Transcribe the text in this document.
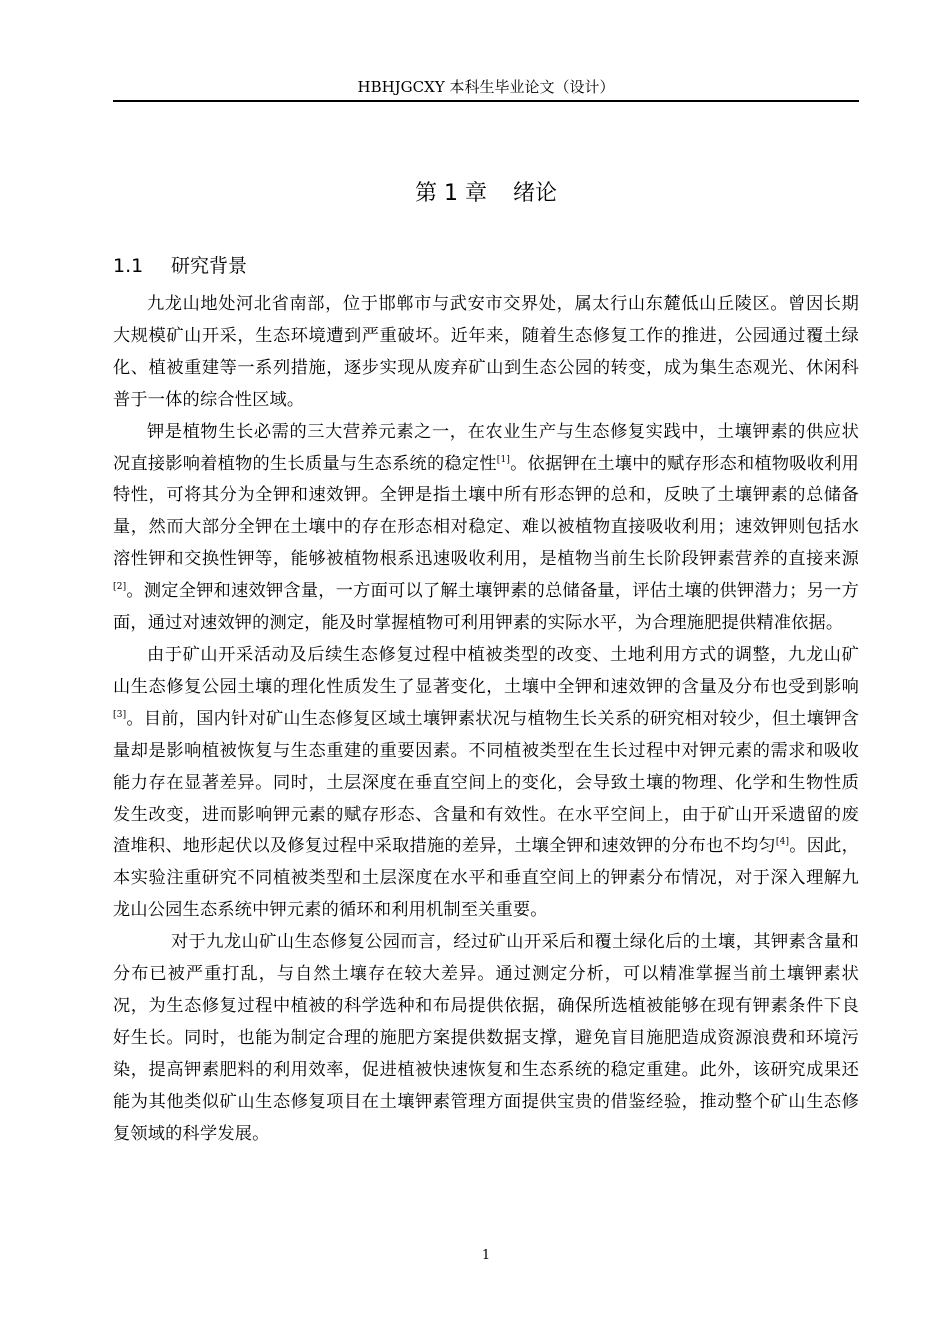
HBHJGCXY 本科生毕业论文（设计）
第 1 章 绪论
1.1 研究背景

九龙山地处河北省南部，位于邯郸市与武安市交界处，属太行山东麓低山丘陵区。曾因长期大规模矿山开采，生态环境遭到严重破坏。近年来，随着生态修复工作的推进，公园通过覆土绿化、植被重建等一系列措施，逐步实现从废弃矿山到生态公园的转变，成为集生态观光、休闲科普于一体的综合性区域。

钾是植物生长必需的三大营养元素之一，在农业生产与生态修复实践中，土壤钾素的供应状况直接影响着植物的生长质量与生态系统的稳定性[1]。依据钾在土壤中的赋存形态和植物吸收利用特性，可将其分为全钾和速效钾。全钾是指土壤中所有形态钾的总和，反映了土壤钾素的总储备量，然而大部分全钾在土壤中的存在形态相对稳定、难以被植物直接吸收利用；速效钾则包括水溶性钾和交换性钾等，能够被植物根系迅速吸收利用，是植物当前生长阶段钾素营养的直接来源[2]。测定全钾和速效钾含量，一方面可以了解土壤钾素的总储备量，评估土壤的供钾潜力；另一方面，通过对速效钾的测定，能及时掌握植物可利用钾素的实际水平，为合理施肥提供精准依据。

由于矿山开采活动及后续生态修复过程中植被类型的改变、土地利用方式的调整，九龙山矿山生态修复公园土壤的理化性质发生了显著变化，土壤中全钾和速效钾的含量及分布也受到影响[3]。目前，国内针对矿山生态修复区域土壤钾素状况与植物生长关系的研究相对较少，但土壤钾含量却是影响植被恢复与生态重建的重要因素。不同植被类型在生长过程中对钾元素的需求和吸收能力存在显著差异。同时，土层深度在垂直空间上的变化，会导致土壤的物理、化学和生物性质发生改变，进而影响钾元素的赋存形态、含量和有效性。在水平空间上，由于矿山开采遗留的废渣堆积、地形起伏以及修复过程中采取措施的差异，土壤全钾和速效钾的分布也不均匀[4]。因此，本实验注重研究不同植被类型和土层深度在水平和垂直空间上的钾素分布情况，对于深入理解九龙山公园生态系统中钾元素的循环和利用机制至关重要。

对于九龙山矿山生态修复公园而言，经过矿山开采后和覆土绿化后的土壤，其钾素含量和分布已被严重打乱，与自然土壤存在较大差异。通过测定分析，可以精准掌握当前土壤钾素状况，为生态修复过程中植被的科学选种和布局提供依据，确保所选植被能够在现有钾素条件下良好生长。同时，也能为制定合理的施肥方案提供数据支撑，避免盲目施肥造成资源浪费和环境污染，提高钾素肥料的利用效率，促进植被快速恢复和生态系统的稳定重建。此外，该研究成果还能为其他类似矿山生态修复项目在土壤钾素管理方面提供宝贵的借鉴经验，推动整个矿山生态修复领域的科学发展。

1
